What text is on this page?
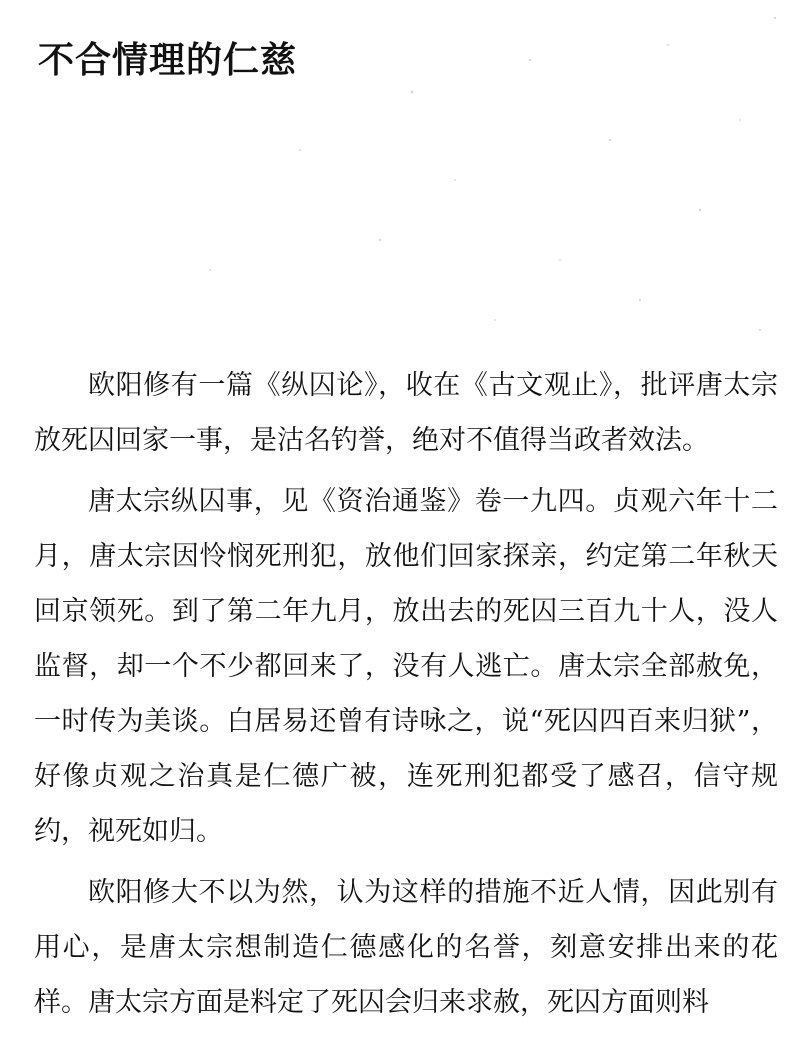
不合情理的仁慈

欧阳修有一篇《纵囚论》，收在《古文观止》，批评唐太宗放死囚回家一事，是沽名钓誉，绝对不值得当政者效法。

唐太宗纵囚事，见《资治通鉴》卷一九四。贞观六年十二月，唐太宗因怜悯死刑犯，放他们回家探亲，约定第二年秋天回京领死。到了第二年九月，放出去的死囚三百九十人，没人监督，却一个不少都回来了，没有人逃亡。唐太宗全部赦免，一时传为美谈。白居易还曾有诗咏之，说“死囚四百来归狱”，好像贞观之治真是仁德广被，连死刑犯都受了感召，信守规约，视死如归。

欧阳修大不以为然，认为这样的措施不近人情，因此别有用心，是唐太宗想制造仁德感化的名誉，刻意安排出来的花样。唐太宗方面是料定了死囚会归来求赦，死囚方面则料
